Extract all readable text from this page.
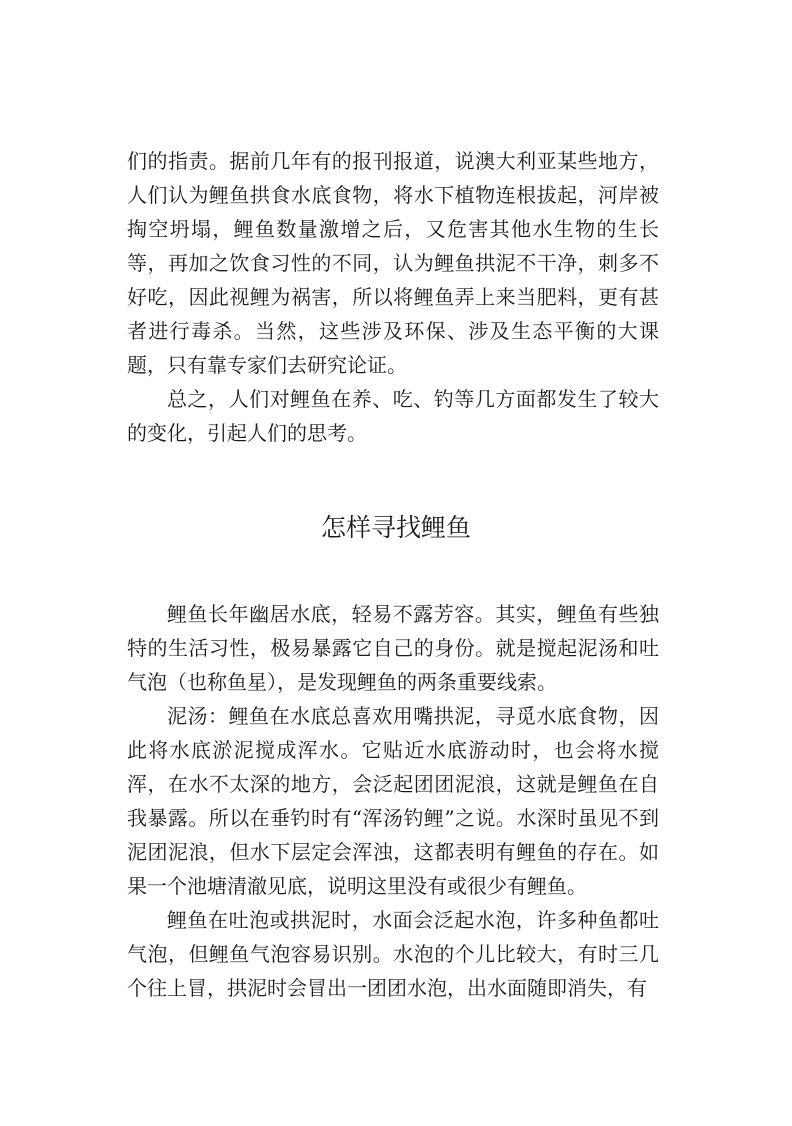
们的指责。据前几年有的报刊报道，说澳大利亚某些地方，人们认为鲤鱼拱食水底食物，将水下植物连根拔起，河岸被掏空坍塌，鲤鱼数量激增之后，又危害其他水生物的生长等，再加之饮食习性的不同，认为鲤鱼拱泥不干净，刺多不好吃，因此视鲤为祸害，所以将鲤鱼弄上来当肥料，更有甚者进行毒杀。当然，这些涉及环保、涉及生态平衡的大课题，只有靠专家们去研究论证。

总之，人们对鲤鱼在养、吃、钓等几方面都发生了较大的变化，引起人们的思考。

怎样寻找鲤鱼

鲤鱼长年幽居水底，轻易不露芳容。其实，鲤鱼有些独特的生活习性，极易暴露它自己的身份。就是搅起泥汤和吐气泡（也称鱼星），是发现鲤鱼的两条重要线索。

泥汤：鲤鱼在水底总喜欢用嘴拱泥，寻觅水底食物，因此将水底淤泥搅成浑水。它贴近水底游动时，也会将水搅浑，在水不太深的地方，会泛起团团泥浪，这就是鲤鱼在自我暴露。所以在垂钓时有“浑汤钓鲤”之说。水深时虽见不到泥团泥浪，但水下层定会浑浊，这都表明有鲤鱼的存在。如果一个池塘清澈见底，说明这里没有或很少有鲤鱼。

鲤鱼在吐泡或拱泥时，水面会泛起水泡，许多种鱼都吐气泡，但鲤鱼气泡容易识别。水泡的个儿比较大，有时三几个往上冒，拱泥时会冒出一团团水泡，出水面随即消失，有
